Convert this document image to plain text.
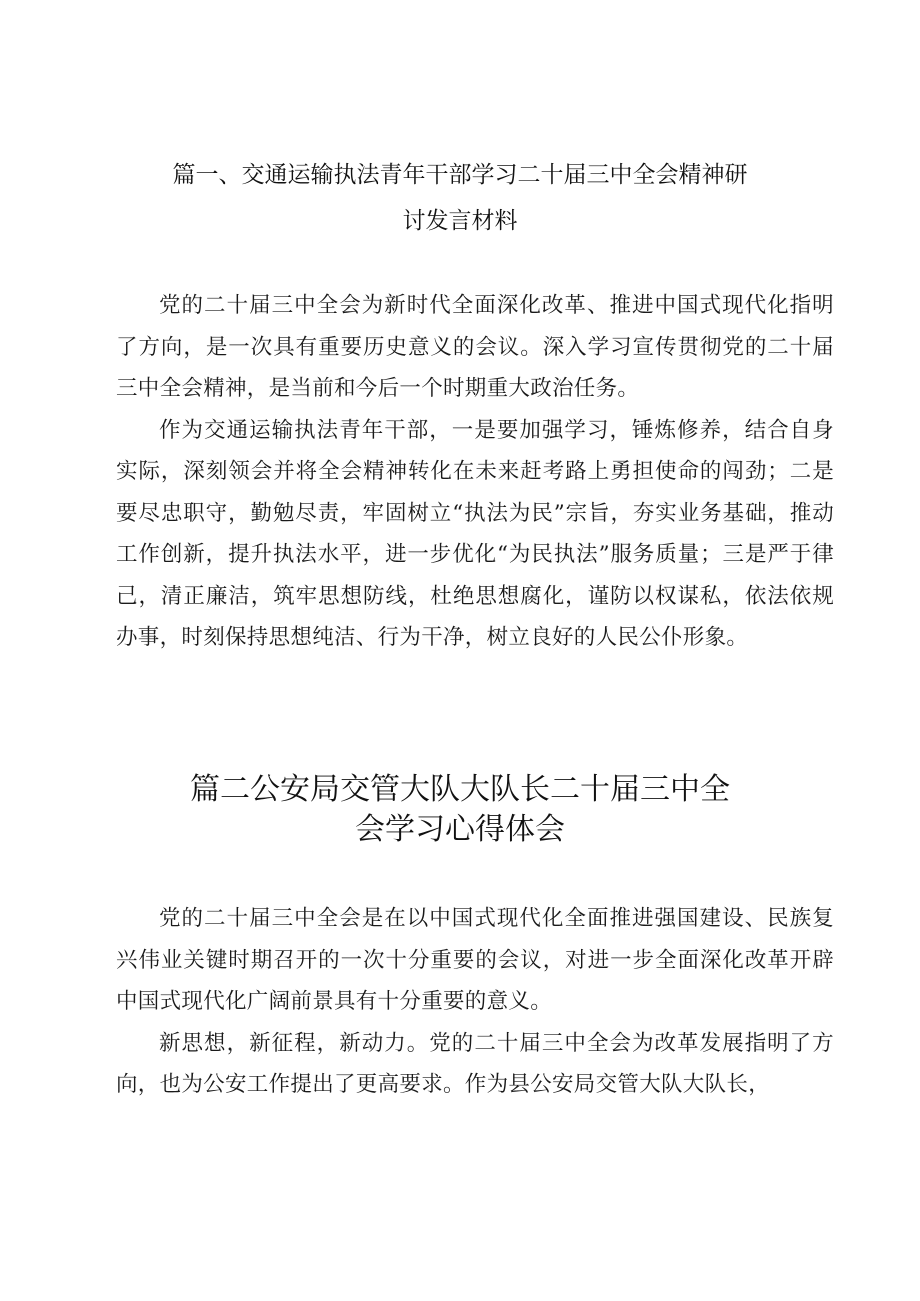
篇一、交通运输执法青年干部学习二十届三中全会精神研
讨发言材料

党的二十届三中全会为新时代全面深化改革、推进中国式现代化指明了方向，是一次具有重要历史意义的会议。深入学习宣传贯彻党的二十届三中全会精神，是当前和今后一个时期重大政治任务。

作为交通运输执法青年干部，一是要加强学习，锤炼修养，结合自身实际，深刻领会并将全会精神转化在未来赶考路上勇担使命的闯劲；二是要尽忠职守，勤勉尽责，牢固树立“执法为民”宗旨，夯实业务基础，推动工作创新，提升执法水平，进一步优化“为民执法”服务质量；三是严于律己，清正廉洁，筑牢思想防线，杜绝思想腐化，谨防以权谋私，依法依规办事，时刻保持思想纯洁、行为干净，树立良好的人民公仆形象。

篇二公安局交管大队大队长二十届三中全
会学习心得体会

党的二十届三中全会是在以中国式现代化全面推进强国建设、民族复兴伟业关键时期召开的一次十分重要的会议，对进一步全面深化改革开辟中国式现代化广阔前景具有十分重要的意义。

新思想，新征程，新动力。党的二十届三中全会为改革发展指明了方向，也为公安工作提出了更高要求。作为县公安局交管大队大队长，
